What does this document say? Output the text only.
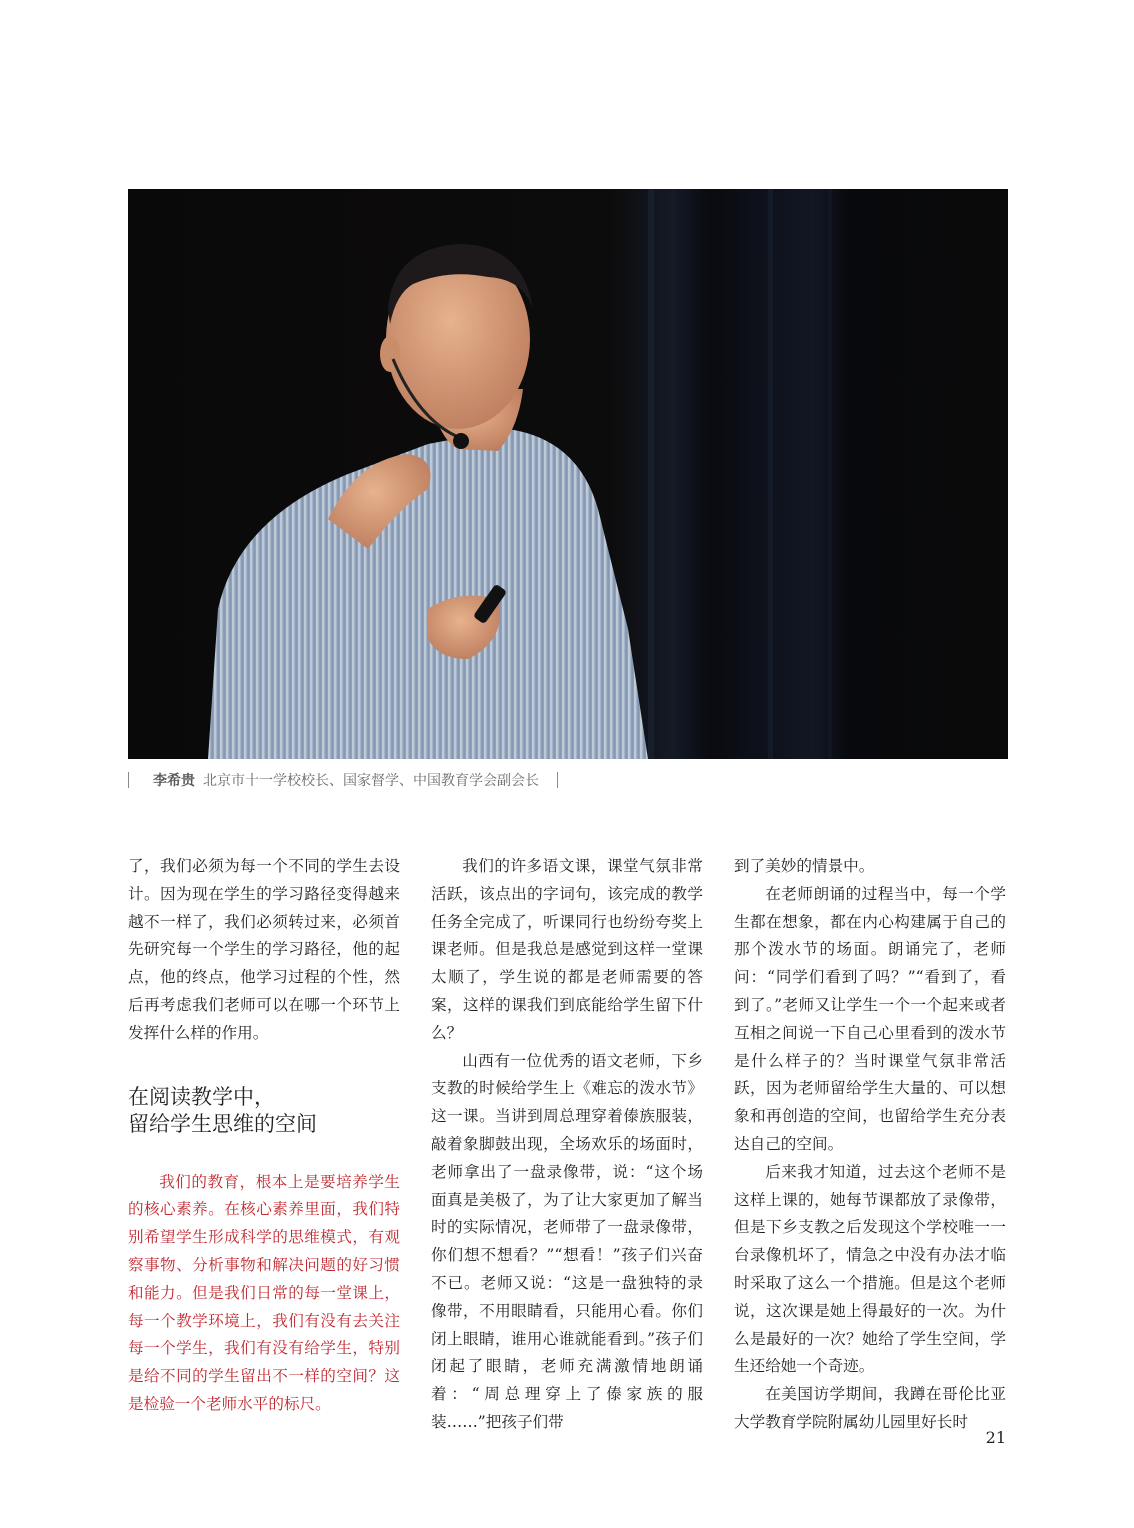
李希贵 北京市十一学校校长、国家督学、中国教育学会副会长

了，我们必须为每一个不同的学生去设计。因为现在学生的学习路径变得越来越不一样了，我们必须转过来，必须首先研究每一个学生的学习路径，他的起点，他的终点，他学习过程的个性，然后再考虑我们老师可以在哪一个环节上发挥什么样的作用。

在阅读教学中，
留给学生思维的空间

我们的教育，根本上是要培养学生的核心素养。在核心素养里面，我们特别希望学生形成科学的思维模式，有观察事物、分析事物和解决问题的好习惯和能力。但是我们日常的每一堂课上，每一个教学环境上，我们有没有去关注每一个学生，我们有没有给学生，特别是给不同的学生留出不一样的空间？这是检验一个老师水平的标尺。

我们的许多语文课，课堂气氛非常活跃，该点出的字词句，该完成的教学任务全完成了，听课同行也纷纷夸奖上课老师。但是我总是感觉到这样一堂课太顺了，学生说的都是老师需要的答案，这样的课我们到底能给学生留下什么？

山西有一位优秀的语文老师，下乡支教的时候给学生上《难忘的泼水节》这一课。当讲到周总理穿着傣族服装，敲着象脚鼓出现，全场欢乐的场面时，老师拿出了一盘录像带，说：“这个场面真是美极了，为了让大家更加了解当时的实际情况，老师带了一盘录像带，你们想不想看？”“想看！”孩子们兴奋不已。老师又说：“这是一盘独特的录像带，不用眼睛看，只能用心看。你们闭上眼睛，谁用心谁就能看到。”孩子们闭起了眼睛，老师充满激情地朗诵着：“周总理穿上了傣家族的服装……”把孩子们带

到了美妙的情景中。

在老师朗诵的过程当中，每一个学生都在想象，都在内心构建属于自己的那个泼水节的场面。朗诵完了，老师问：“同学们看到了吗？”“看到了，看到了。”老师又让学生一个一个起来或者互相之间说一下自己心里看到的泼水节是什么样子的？当时课堂气氛非常活跃，因为老师留给学生大量的、可以想象和再创造的空间，也留给学生充分表达自己的空间。

后来我才知道，过去这个老师不是这样上课的，她每节课都放了录像带，但是下乡支教之后发现这个学校唯一一台录像机坏了，情急之中没有办法才临时采取了这么一个措施。但是这个老师说，这次课是她上得最好的一次。为什么是最好的一次？她给了学生空间，学生还给她一个奇迹。

在美国访学期间，我蹲在哥伦比亚大学教育学院附属幼儿园里好长时

21
